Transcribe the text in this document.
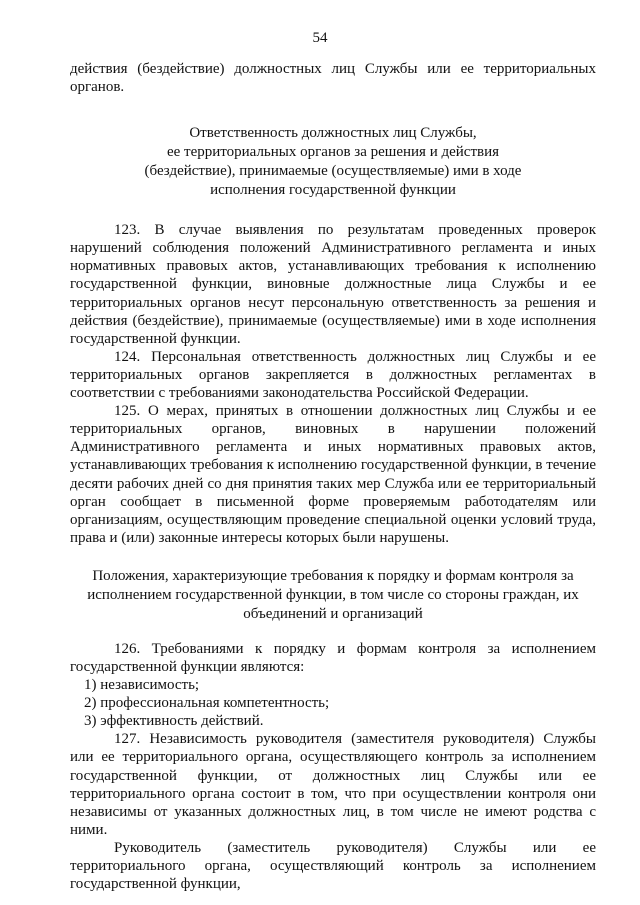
54

действия (бездействие) должностных лиц Службы или ее территориальных органов.

Ответственность должностных лиц Службы,

ее территориальных органов за решения и действия

(бездействие), принимаемые (осуществляемые) ими в ходе

исполнения государственной функции

123. В случае выявления по результатам проведенных проверок нарушений соблюдения положений Административного регламента и иных нормативных правовых актов, устанавливающих требования к исполнению государственной функции, виновные должностные лица Службы и ее территориальных органов несут персональную ответственность за решения и действия (бездействие), принимаемые (осуществляемые) ими в ходе исполнения государственной функции.

124. Персональная ответственность должностных лиц Службы и ее территориальных органов закрепляется в должностных регламентах в соответствии с требованиями законодательства Российской Федерации.

125. О мерах, принятых в отношении должностных лиц Службы и ее территориальных органов, виновных в нарушении положений Административного регламента и иных нормативных правовых актов, устанавливающих требования к исполнению государственной функции, в течение десяти рабочих дней со дня принятия таких мер Служба или ее территориальный орган сообщает в письменной форме проверяемым работодателям или организациям, осуществляющим проведение специальной оценки условий труда, права и (или) законные интересы которых были нарушены.

Положения, характеризующие требования к порядку и формам контроля за

исполнением государственной функции, в том числе со стороны граждан, их

объединений и организаций

126. Требованиями к порядку и формам контроля за исполнением государственной функции являются:

1) независимость;

2) профессиональная компетентность;

3) эффективность действий.

127. Независимость руководителя (заместителя руководителя) Службы или ее территориального органа, осуществляющего контроль за исполнением государственной функции, от должностных лиц Службы или ее территориального органа состоит в том, что при осуществлении контроля они независимы от указанных должностных лиц, в том числе не имеют родства с ними.

Руководитель (заместитель руководителя) Службы или ее территориального органа, осуществляющий контроль за исполнением государственной функции,
